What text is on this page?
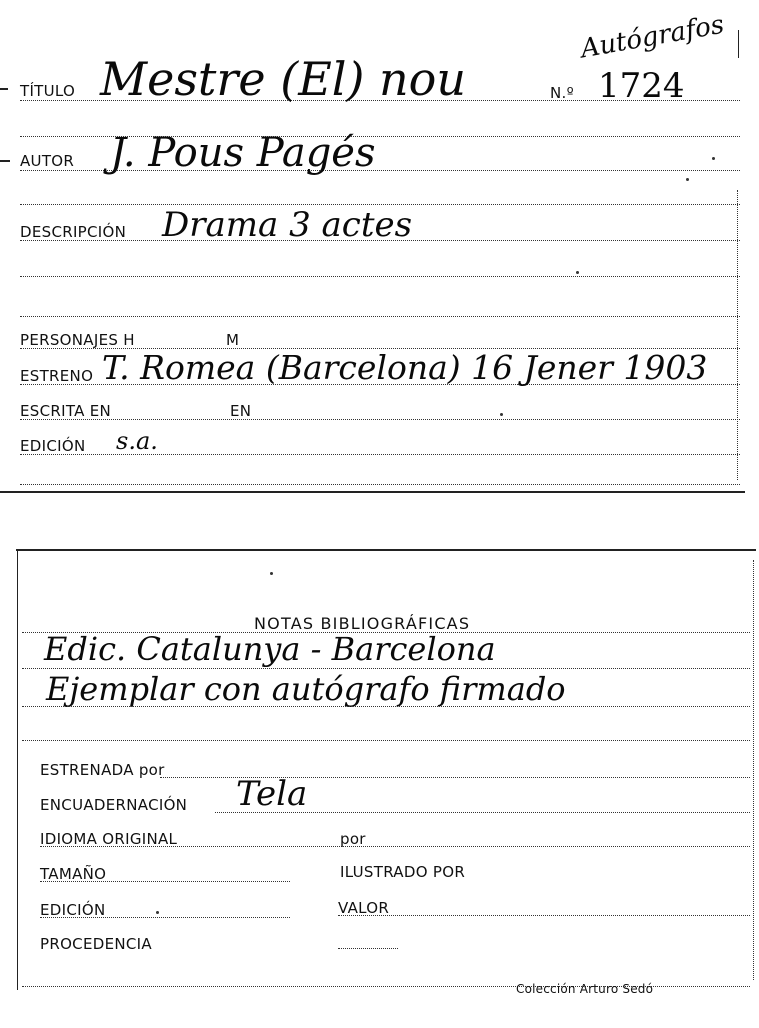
Autógrafos
TÍTULO Mestre (El) nou	N.º 1724
AUTOR J. Pous Pagés
DESCRIPCIÓN Drama 3 actes
PERSONAJES H	M
ESTRENO T. Romea (Barcelona) 16 Jener 1903
ESCRITA EN	EN
EDICIÓN s.a.
NOTAS BIBLIOGRÁFICAS
Edic. Catalunya - Barcelona
Ejemplar con autógrafo firmado
ESTRENADA por
ENCUADERNACIÓN Tela
IDIOMA ORIGINAL	por
TAMAÑO	ILUSTRADO POR
EDICIÓN	VALOR
PROCEDENCIA
Colección Arturo Sedó
